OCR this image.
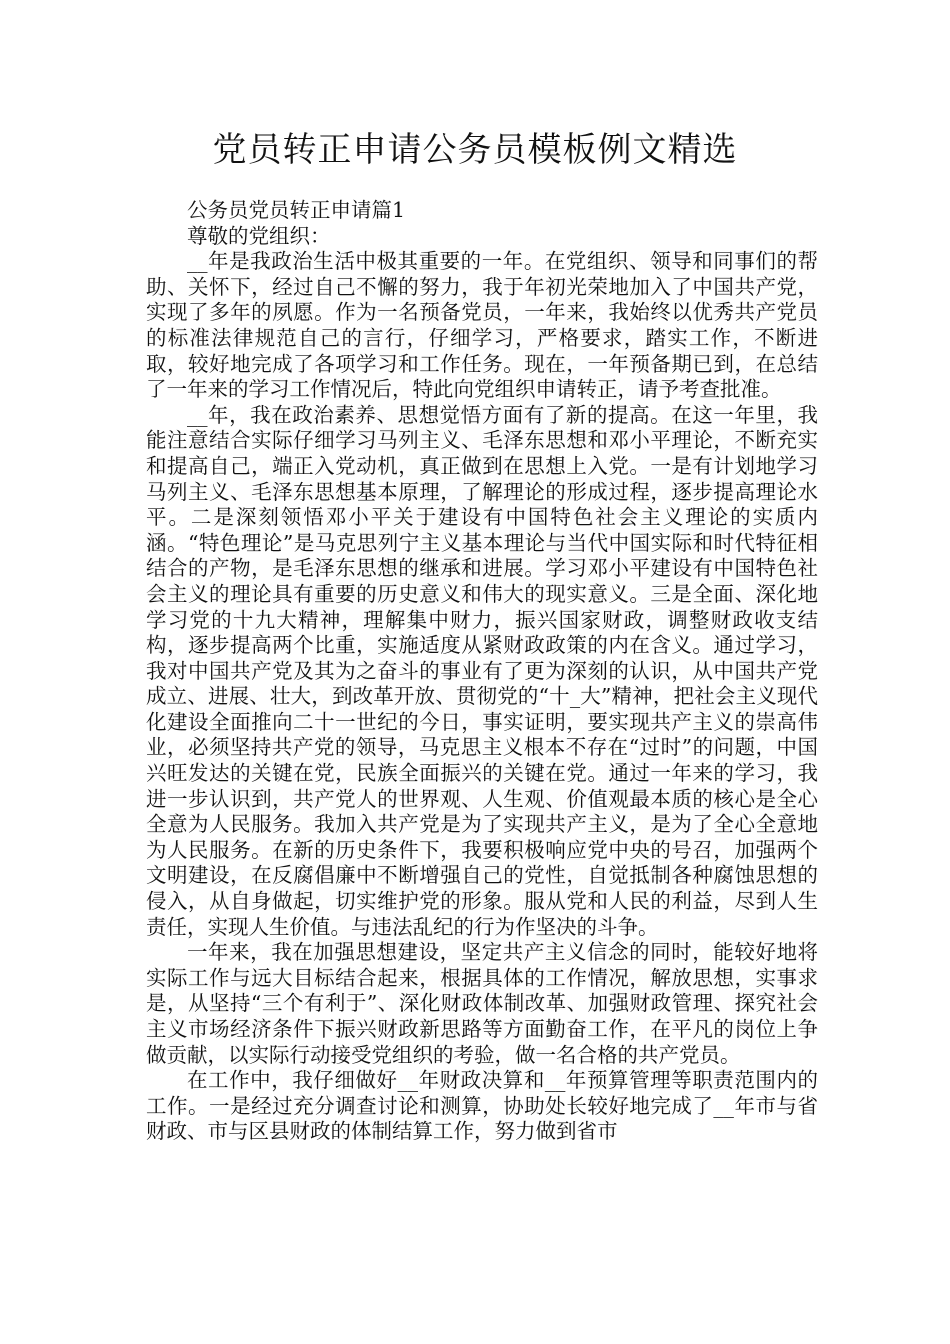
党员转正申请公务员模板例文精选

公务员党员转正申请篇1

尊敬的党组织：

__年是我政治生活中极其重要的一年。在党组织、领导和同事们的帮助、关怀下，经过自己不懈的努力，我于年初光荣地加入了中国共产党，实现了多年的夙愿。作为一名预备党员，一年来，我始终以优秀共产党员的标准法律规范自己的言行，仔细学习，严格要求，踏实工作，不断进取，较好地完成了各项学习和工作任务。现在，一年预备期已到，在总结了一年来的学习工作情况后，特此向党组织申请转正，请予考查批准。

__年，我在政治素养、思想觉悟方面有了新的提高。在这一年里，我能注意结合实际仔细学习马列主义、毛泽东思想和邓小平理论，不断充实和提高自己，端正入党动机，真正做到在思想上入党。一是有计划地学习马列主义、毛泽东思想基本原理，了解理论的形成过程，逐步提高理论水平。二是深刻领悟邓小平关于建设有中国特色社会主义理论的实质内涵。“特色理论”是马克思列宁主义基本理论与当代中国实际和时代特征相结合的产物，是毛泽东思想的继承和进展。学习邓小平建设有中国特色社会主义的理论具有重要的历史意义和伟大的现实意义。三是全面、深化地学习党的十九大精神，理解集中财力，振兴国家财政，调整财政收支结构，逐步提高两个比重，实施适度从紧财政政策的内在含义。通过学习，我对中国共产党及其为之奋斗的事业有了更为深刻的认识，从中国共产党成立、进展、壮大，到改革开放、贯彻党的“十_大”精神，把社会主义现代化建设全面推向二十一世纪的今日，事实证明，要实现共产主义的崇高伟业，必须坚持共产党的领导，马克思主义根本不存在“过时”的问题，中国兴旺发达的关键在党，民族全面振兴的关键在党。通过一年来的学习，我进一步认识到，共产党人的世界观、人生观、价值观最本质的核心是全心全意为人民服务。我加入共产党是为了实现共产主义，是为了全心全意地为人民服务。在新的历史条件下，我要积极响应党中央的号召，加强两个文明建设，在反腐倡廉中不断增强自己的党性，自觉抵制各种腐蚀思想的侵入，从自身做起，切实维护党的形象。服从党和人民的利益，尽到人生责任，实现人生价值。与违法乱纪的行为作坚决的斗争。

一年来，我在加强思想建设，坚定共产主义信念的同时，能较好地将实际工作与远大目标结合起来，根据具体的工作情况，解放思想，实事求是，从坚持“三个有利于”、深化财政体制改革、加强财政管理、探究社会主义市场经济条件下振兴财政新思路等方面勤奋工作，在平凡的岗位上争做贡献，以实际行动接受党组织的考验，做一名合格的共产党员。

在工作中，我仔细做好__年财政决算和__年预算管理等职责范围内的工作。一是经过充分调查讨论和测算，协助处长较好地完成了__年市与省财政、市与区县财政的体制结算工作，努力做到省市
